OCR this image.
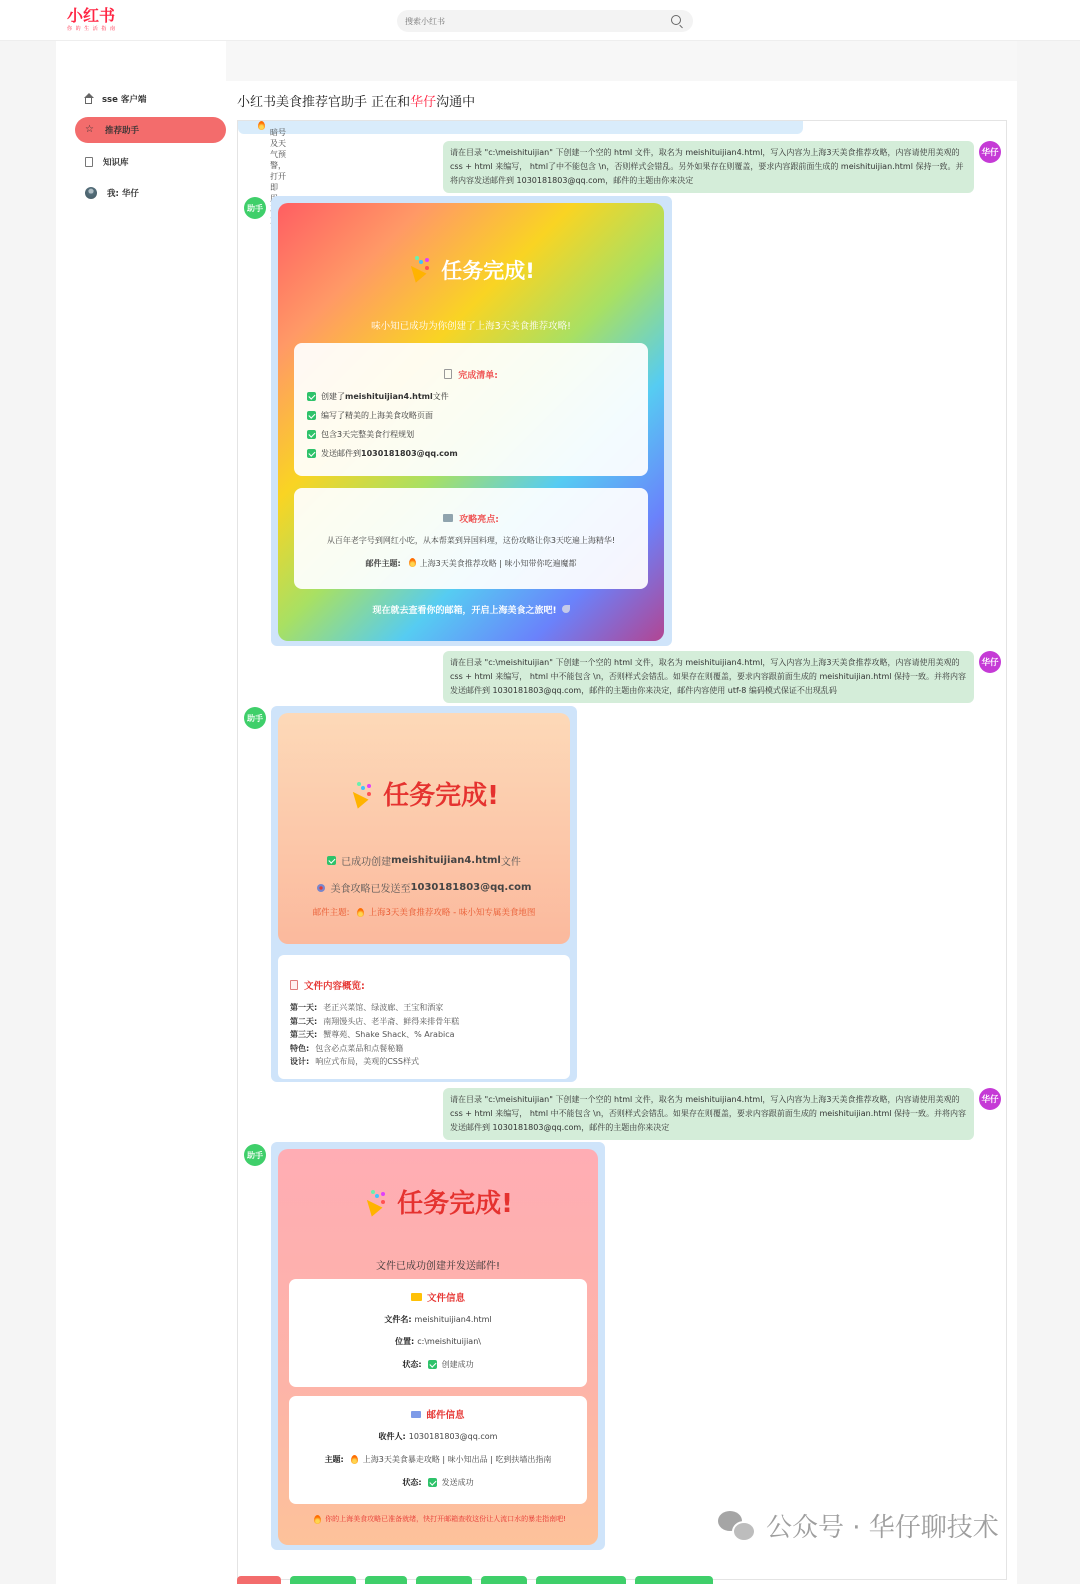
小红书
你 的 生 活 指 南
搜索小红书
sse 客户端
☆ 推荐助手
知识库
我: 华仔
小红书美食推荐官助手 正在和华仔沟通中
暗号及天气预警，打开即
请在目录 "c:\meishituijian" 下创建一个空的 html 文件，取名为 meishituijian4.html，写入内容为上海3天美食推荐攻略，内容请使用美观的 css + html 来编写， html了中不能包含 \n，否则样式会错乱。另外如果存在则覆盖，要求内容跟前面生成的 meishituijian.html 保持一致。并将内容发送邮件到 1030181803@qq.com，邮件的主题由你来决定
华仔
助手
任务完成!
味小知已成功为你创建了上海3天美食推荐攻略!
完成清单:
创建了 meishituijian4.html 文件
编写了精美的上海美食攻略页面
包含3天完整美食行程规划
发送邮件到 1030181803@qq.com
攻略亮点:
从百年老字号到网红小吃，从本帮菜到异国料理，这份攻略让你3天吃遍上海精华!
邮件主题: 上海3天美食推荐攻略 | 味小知带你吃遍魔都
现在就去查看你的邮箱，开启上海美食之旅吧!
请在目录 "c:\meishituijian" 下创建一个空的 html 文件，取名为 meishituijian4.html，写入内容为上海3天美食推荐攻略，内容请使用美观的 css + html 来编写， html 中不能包含 \n，否则样式会错乱。如果存在则覆盖，要求内容跟前面生成的 meishituijian.html 保持一致。并将内容发送邮件到 1030181803@qq.com，邮件的主题由你来决定，邮件内容使用 utf-8 编码模式保证不出现乱码
华仔
助手
任务完成!
已成功创建 meishituijian4.html 文件
美食攻略已发送至 1030181803@qq.com
邮件主题: 上海3天美食推荐攻略 - 味小知专属美食地图
文件内容概览:
第一天: 老正兴菜馆、绿波廊、王宝和酒家
第二天: 南翔馒头店、老半斋、鲜得来排骨年糕
第三天: 蟹尊苑、Shake Shack、% Arabica
特色: 包含必点菜品和点餐秘籍
设计: 响应式布局，美观的CSS样式
请在目录 "c:\meishituijian" 下创建一个空的 html 文件，取名为 meishituijian4.html，写入内容为上海3天美食推荐攻略，内容请使用美观的 css + html 来编写， html 中不能包含 \n，否则样式会错乱。如果存在则覆盖，要求内容跟前面生成的 meishituijian.html 保持一致。并将内容发送邮件到 1030181803@qq.com，邮件的主题由你来决定
华仔
助手
任务完成!
文件已成功创建并发送邮件!
文件信息
文件名: meishituijian4.html
位置: c:\meishituijian\
状态:	创建成功
邮件信息
收件人: 1030181803@qq.com
主题: 上海3天美食暴走攻略 | 味小知出品 | 吃到扶墙出指南
状态:	发送成功
你的上海美食攻略已准备就绪，快打开邮箱查收这份让人流口水的暴走指南吧!	公众号 · 华仔聊技术
